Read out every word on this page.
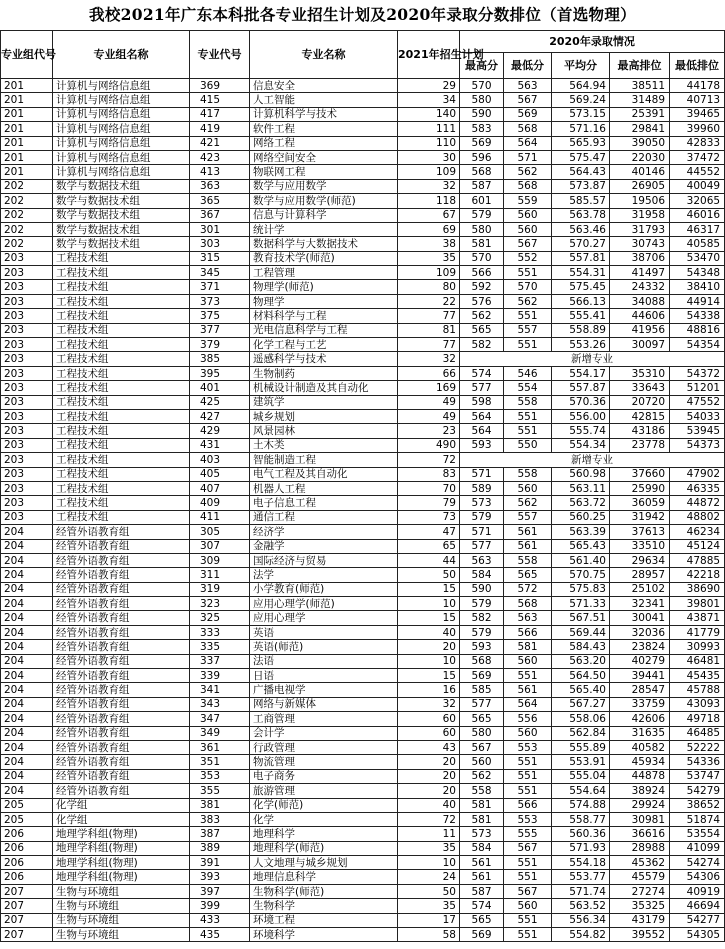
我校2021年广东本科批各专业招生计划及2020年录取分数排位（首选物理）
专业组代号	专业组名称	专业代号	专业名称	2021年招生计划	2020年录取情况				
					最高分	最低分	平均分	最高排位	最低排位
201	计算机与网络信息组	369	信息安全	29	570	563	564.94	38511	44178
201	计算机与网络信息组	415	人工智能	34	580	567	569.24	31489	40713
201	计算机与网络信息组	417	计算机科学与技术	140	590	569	573.15	25391	39465
201	计算机与网络信息组	419	软件工程	111	583	568	571.16	29841	39960
201	计算机与网络信息组	421	网络工程	110	569	564	565.93	39050	42833
201	计算机与网络信息组	423	网络空间安全	30	596	571	575.47	22030	37472
201	计算机与网络信息组	413	物联网工程	109	568	562	564.43	40146	44552
202	数学与数据技术组	363	数学与应用数学	32	587	568	573.87	26905	40049
202	数学与数据技术组	365	数学与应用数学(师范)	118	601	559	585.57	19506	32065
202	数学与数据技术组	367	信息与计算科学	67	579	560	563.78	31958	46016
202	数学与数据技术组	301	统计学	69	580	560	563.46	31793	46317
202	数学与数据技术组	303	数据科学与大数据技术	38	581	567	570.27	30743	40585
203	工程技术组	315	教育技术学(师范)	35	570	552	557.81	38706	53470
203	工程技术组	345	工程管理	109	566	551	554.31	41497	54348
203	工程技术组	371	物理学(师范)	80	592	570	575.45	24332	38410
203	工程技术组	373	物理学	22	576	562	566.13	34088	44914
203	工程技术组	375	材料科学与工程	77	562	551	555.41	44606	54338
203	工程技术组	377	光电信息科学与工程	81	565	557	558.89	41956	48816
203	工程技术组	379	化学工程与工艺	77	582	551	553.26	30097	54354
203	工程技术组	385	遥感科学与技术	32	新增专业				
203	工程技术组	395	生物制药	66	574	546	554.17	35310	54372
203	工程技术组	401	机械设计制造及其自动化	169	577	554	557.87	33643	51201
203	工程技术组	425	建筑学	49	598	558	570.36	20720	47552
203	工程技术组	427	城乡规划	49	564	551	556.00	42815	54033
203	工程技术组	429	风景园林	23	564	551	555.74	43186	53945
203	工程技术组	431	土木类	490	593	550	554.34	23778	54373
203	工程技术组	403	智能制造工程	72	新增专业				
203	工程技术组	405	电气工程及其自动化	83	571	558	560.98	37660	47902
203	工程技术组	407	机器人工程	70	589	560	563.11	25990	46335
203	工程技术组	409	电子信息工程	79	573	562	563.72	36059	44872
203	工程技术组	411	通信工程	73	579	557	560.25	31942	48802
204	经管外语教育组	305	经济学	47	571	561	563.39	37613	46234
204	经管外语教育组	307	金融学	65	577	561	565.43	33510	45124
204	经管外语教育组	309	国际经济与贸易	44	563	558	561.40	29634	47885
204	经管外语教育组	311	法学	50	584	565	570.75	28957	42218
204	经管外语教育组	319	小学教育(师范)	15	590	572	575.83	25102	38690
204	经管外语教育组	323	应用心理学(师范)	10	579	568	571.33	32341	39801
204	经管外语教育组	325	应用心理学	15	582	563	567.51	30041	43871
204	经管外语教育组	333	英语	40	579	566	569.44	32036	41779
204	经管外语教育组	335	英语(师范)	20	593	581	584.43	23824	30993
204	经管外语教育组	337	法语	10	568	560	563.20	40279	46481
204	经管外语教育组	339	日语	15	569	551	564.50	39441	45435
204	经管外语教育组	341	广播电视学	16	585	561	565.40	28547	45788
204	经管外语教育组	343	网络与新媒体	32	577	564	567.27	33759	43093
204	经管外语教育组	347	工商管理	60	565	556	558.06	42606	49718
204	经管外语教育组	349	会计学	60	580	560	562.84	31635	46485
204	经管外语教育组	361	行政管理	43	567	553	555.89	40582	52222
204	经管外语教育组	351	物流管理	20	560	551	553.91	45934	54336
204	经管外语教育组	353	电子商务	20	562	551	555.04	44878	53747
204	经管外语教育组	355	旅游管理	20	558	551	554.64	38924	54279
205	化学组	381	化学(师范)	40	581	566	574.88	29924	38652
205	化学组	383	化学	72	581	553	558.77	30981	51874
206	地理学科组(物理)	387	地理科学	11	573	555	560.36	36616	53554
206	地理学科组(物理)	389	地理科学(师范)	35	584	567	571.93	28988	41099
206	地理学科组(物理)	391	人文地理与城乡规划	10	561	551	554.18	45362	54274
206	地理学科组(物理)	393	地理信息科学	24	561	551	553.77	45579	54306
207	生物与环境组	397	生物科学(师范)	50	587	567	571.74	27274	40919
207	生物与环境组	399	生物科学	35	574	560	563.52	35325	46694
207	生物与环境组	433	环境工程	17	565	551	556.34	43179	54277
207	生物与环境组	435	环境科学	58	569	551	554.82	39552	54305
